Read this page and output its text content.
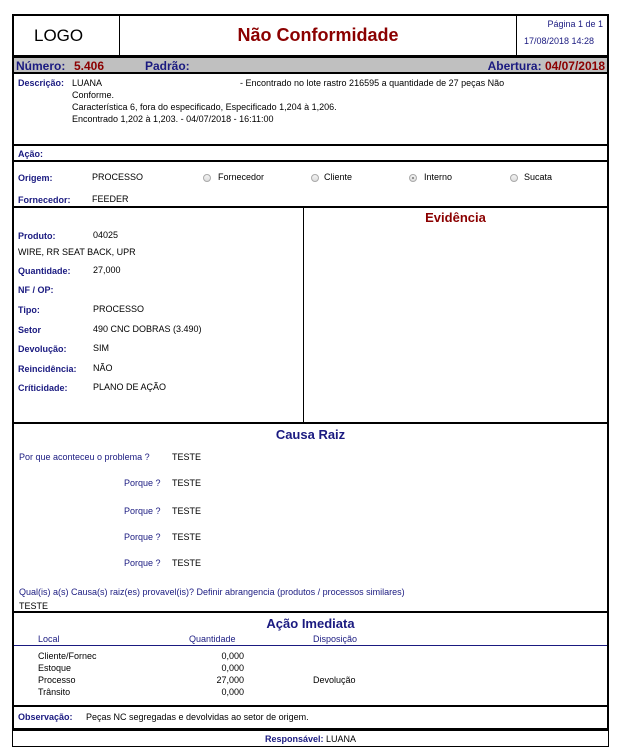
LOGO	Não Conformidade
Página 1 de 1
17/08/2018 14:28
Número: 5.406	Padrão:	Abertura: 04/07/2018
Descrição: LUANA	- Encontrado no lote rastro 216595 a quantidade de 27 peças Não
Conforme.
Característica 6, fora do especificado, Especificado 1,204 à 1,206.
Encontrado 1,202 à 1,203. - 04/07/2018 - 16:11:00
Ação:
Origem:	PROCESSO	Fornecedor	Cliente	Interno	Sucata
Fornecedor: FEEDER
Produto:	04025
WIRE, RR SEAT BACK, UPR
Quantidade: 27,000
NF / OP:
Tipo:	PROCESSO
Setor	490 CNC DOBRAS (3.490)
Devolução:	SIM
Reincidência: NÃO
Críticidade:	PLANO DE AÇÃO
Evidência
Causa Raiz
Por que aconteceu o problema ? TESTE
Porque ? TESTE
Porque ? TESTE
Porque ? TESTE
Porque ? TESTE
Qual(is) a(s) Causa(s) raiz(es) provavel(is)? Definir abrangencia (produtos / processos similares)
TESTE
Ação Imediata
Local	Quantidade	Disposição
Cliente/Fornec	0,000
Estoque	0,000
Processo	27,000	Devolução
Trânsito	0,000
Observação: Peças NC segregadas e devolvidas ao setor de origem.
Responsável: LUANA
